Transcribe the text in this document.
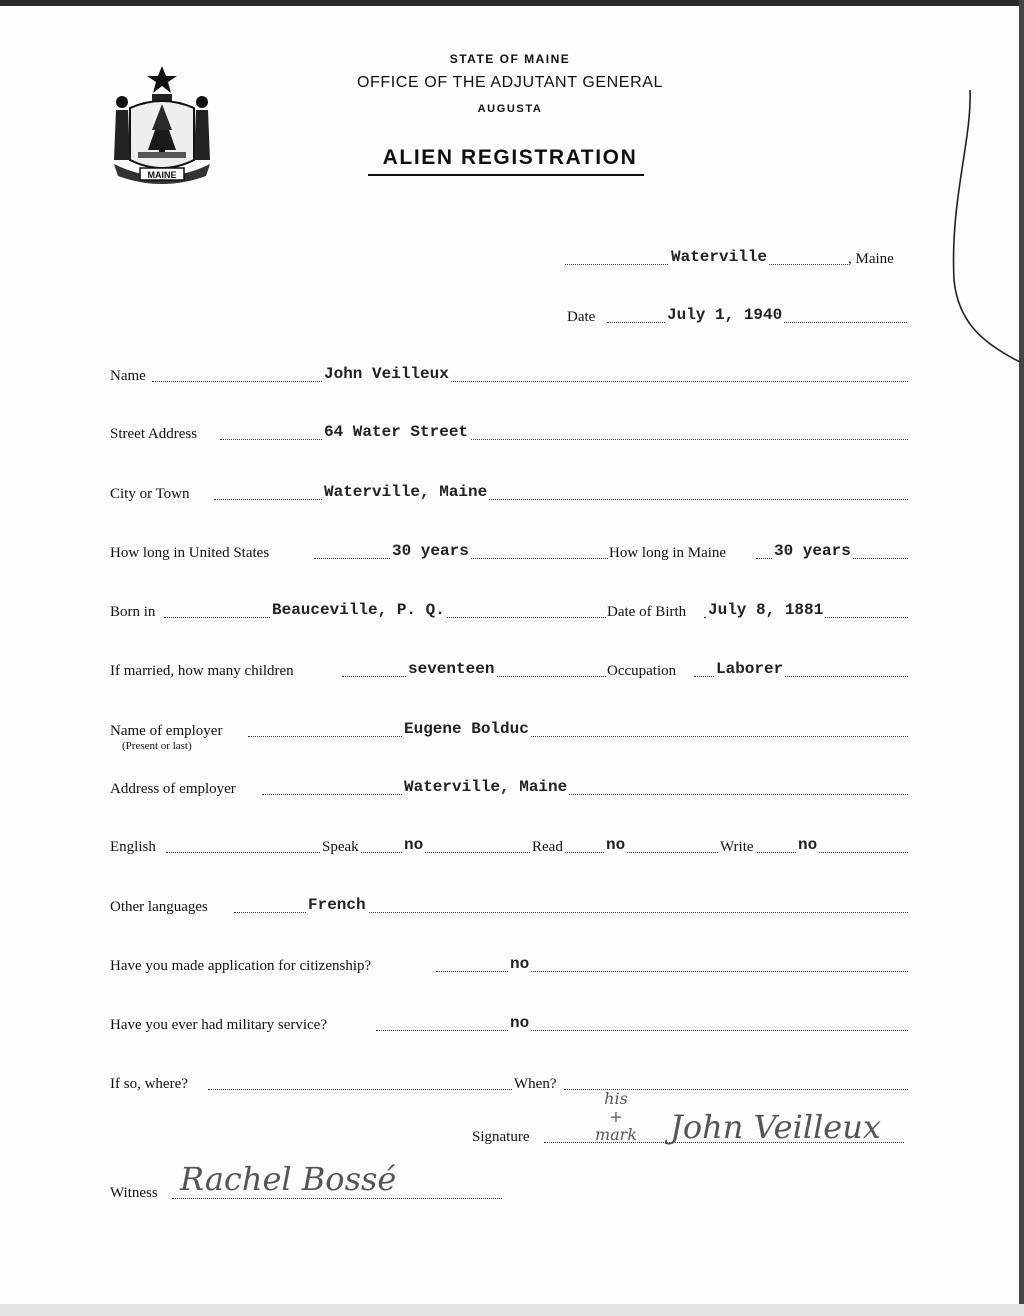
MAINE
STATE OF MAINE
OFFICE OF THE ADJUTANT GENERAL
AUGUSTA
ALIEN REGISTRATION
Waterville	, Maine
Date	July 1, 1940
Name	John Veilleux
Street Address	64 Water Street
City or Town	Waterville, Maine
How long in United States	30 years	How long in Maine	30 years
Born in	Beauceville, P. Q.	Date of Birth July 8, 1881
If married, how many children	seventeen	Occupation Laborer
Name of employer	Eugene Bolduc
(Present or last)
Address of employer	Waterville, Maine
English	Speak	no	Read	no	Write	no
Other languages	French
Have you made application for citizenship?	no
Have you ever had military service?	no
If so, where?	When?
Signature
his + mark John Veilleux
Witness Rachel Bossé
